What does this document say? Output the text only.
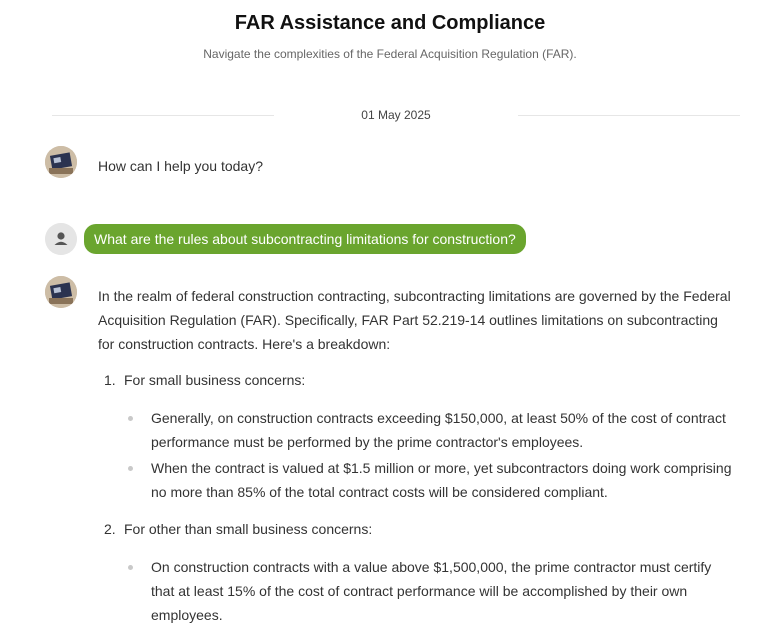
FAR Assistance and Compliance
Navigate the complexities of the Federal Acquisition Regulation (FAR).
01 May 2025
How can I help you today?
What are the rules about subcontracting limitations for construction?

In the realm of federal construction contracting, subcontracting limitations are governed by the Federal Acquisition Regulation (FAR). Specifically, FAR Part 52.219-14 outlines limitations on subcontracting for construction contracts. Here's a breakdown:

1. For small business concerns:
Generally, on construction contracts exceeding $150,000, at least 50% of the cost of contract performance must be performed by the prime contractor's employees.
When the contract is valued at $1.5 million or more, yet subcontractors doing work comprising no more than 85% of the total contract costs will be considered compliant.
2. For other than small business concerns:
On construction contracts with a value above $1,500,000, the prime contractor must certify that at least 15% of the cost of contract performance will be accomplished by their own employees.
